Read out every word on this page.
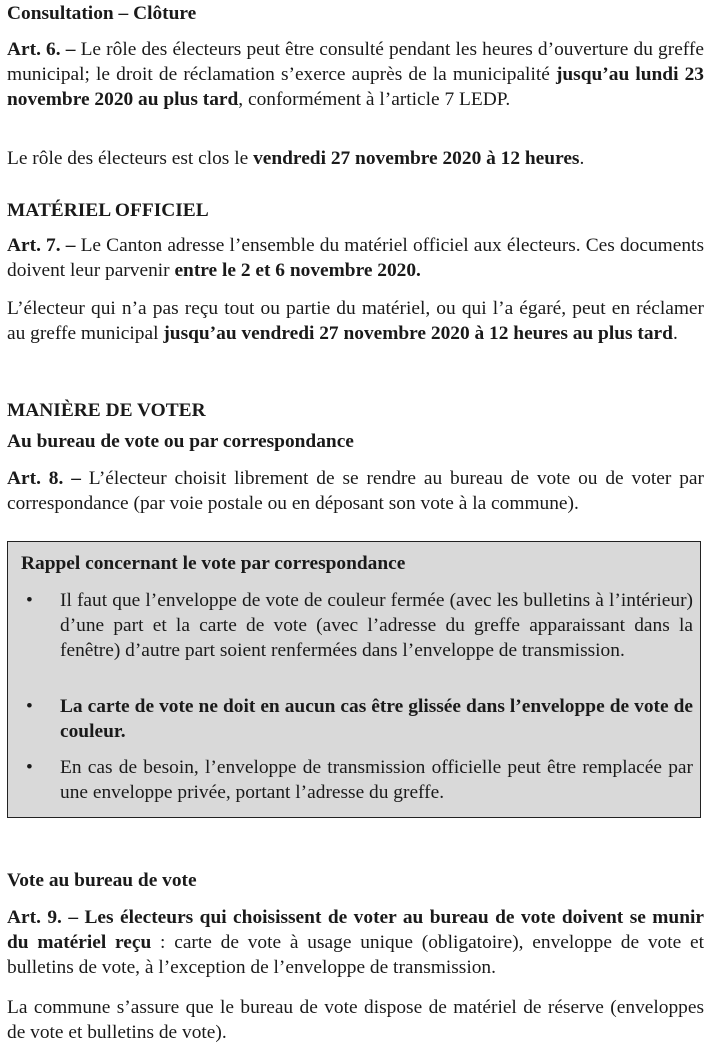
Consultation – Clôture

Art. 6. – Le rôle des électeurs peut être consulté pendant les heures d’ouverture du greffe municipal; le droit de réclamation s’exerce auprès de la municipalité jusqu’au lundi 23 novembre 2020 au plus tard, conformément à l’article 7 LEDP.

Le rôle des électeurs est clos le vendredi 27 novembre 2020 à 12 heures.

MATÉRIEL OFFICIEL

Art. 7. – Le Canton adresse l’ensemble du matériel officiel aux électeurs. Ces documents doivent leur parvenir entre le 2 et 6 novembre 2020.

L’électeur qui n’a pas reçu tout ou partie du matériel, ou qui l’a égaré, peut en réclamer au greffe municipal jusqu’au vendredi 27 novembre 2020 à 12 heures au plus tard.

MANIÈRE DE VOTER

Au bureau de vote ou par correspondance

Art. 8. – L’électeur choisit librement de se rendre au bureau de vote ou de voter par correspondance (par voie postale ou en déposant son vote à la commune).

Vote au bureau de vote

Art. 9. – Les électeurs qui choisissent de voter au bureau de vote doivent se munir du matériel reçu : carte de vote à usage unique (obligatoire), enveloppe de vote et bulletins de vote, à l’exception de l’enveloppe de transmission.

La commune s’assure que le bureau de vote dispose de matériel de réserve (enveloppes de vote et bulletins de vote).

Rappel concernant le vote par correspondance

• Il faut que l’enveloppe de vote de couleur fermée (avec les bulletins à l’intérieur) d’une part et la carte de vote (avec l’adresse du greffe apparaissant dans la fenêtre) d’autre part soient renfermées dans l’enveloppe de transmission.

• La carte de vote ne doit en aucun cas être glissée dans l’enveloppe de vote de couleur.

• En cas de besoin, l’enveloppe de transmission officielle peut être remplacée par une enveloppe privée, portant l’adresse du greffe.
